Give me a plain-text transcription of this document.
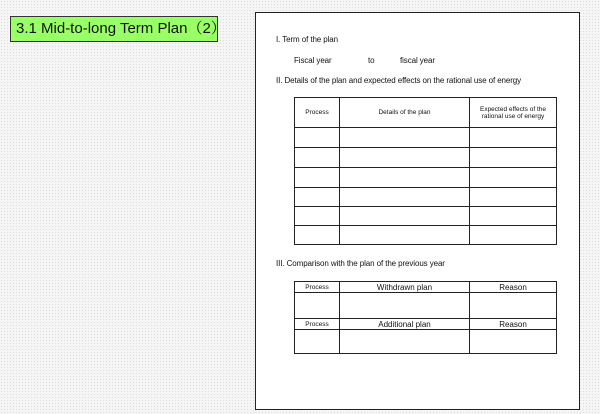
3.1 Mid-to-long Term Plan（2）
I. Term of the plan
Fiscal year	to	fiscal year
II. Details of the plan and expected effects on the rational use of energy
Process	Details of the plan	Expected effects of the rational use of energy

III. Comparison with the plan of the previous year
Process	Withdrawn plan	Reason

Process	Additional plan	Reason
